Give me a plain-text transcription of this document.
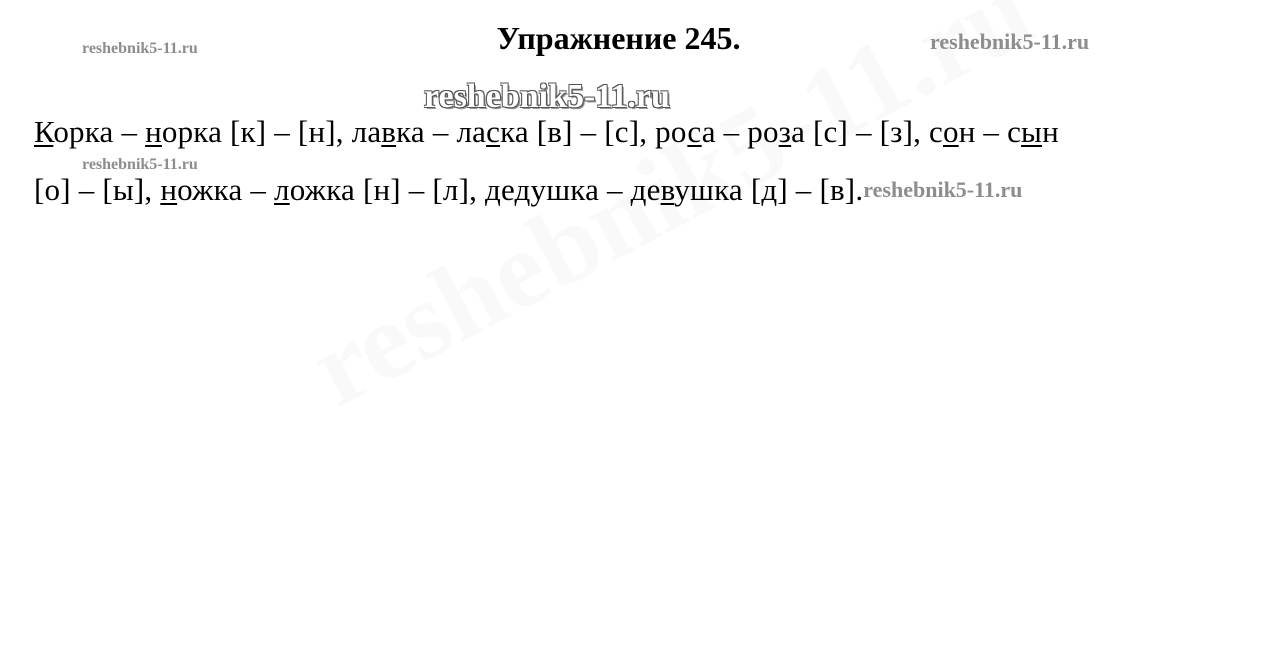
Упражнение 245.
reshebnik5-11.ru	reshebnik5-11.ru
reshebnik5-11.ru
reshebnik5-11.ru
Корка – норка [к] – [н], лавка – ласка [в] – [с], роса – роза [с] – [з], сон – сын
[о] – [ы], ножка – ложка [н] – [л], дедушка – девушка [д] – [в].reshebnik5-11.ru
